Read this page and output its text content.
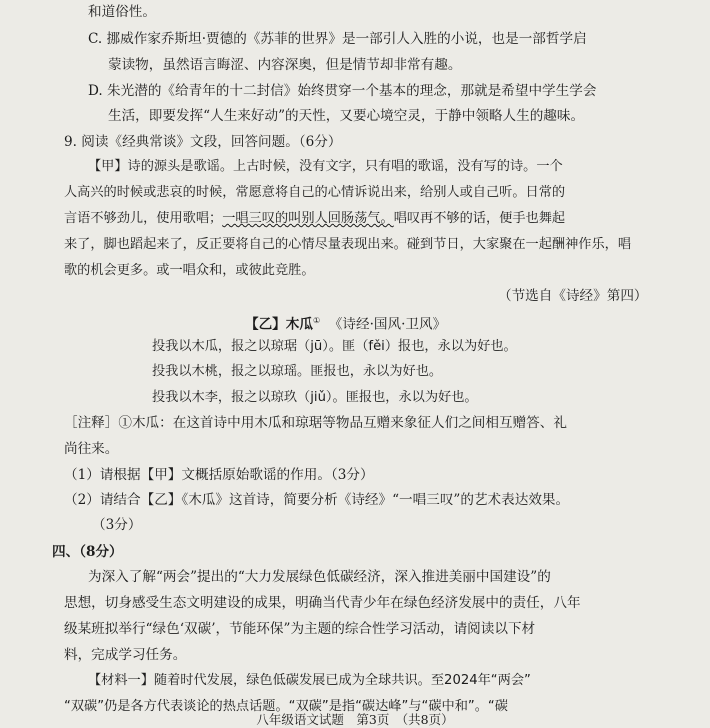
和道俗性。
C. 挪威作家乔斯坦·贾德的《苏菲的世界》是一部引人入胜的小说，也是一部哲学启
蒙读物，虽然语言晦涩、内容深奥，但是情节却非常有趣。
D. 朱光潜的《给青年的十二封信》始终贯穿一个基本的理念，那就是希望中学生学会
生活，即要发挥“人生来好动”的天性，又要心境空灵，于静中领略人生的趣味。
9. 阅读《经典常谈》文段，回答问题。（6分）
【甲】诗的源头是歌谣。上古时候，没有文字，只有唱的歌谣，没有写的诗。一个
人高兴的时候或悲哀的时候，常愿意将自己的心情诉说出来，给别人或自己听。日常的
言语不够劲儿，使用歌唱；一唱三叹的叫别人回肠荡气。唱叹再不够的话，便手也舞起
来了，脚也蹈起来了，反正要将自己的心情尽量表现出来。碰到节日，大家聚在一起酬神作乐，唱
歌的机会更多。或一唱众和，或彼此竞胜。
（节选自《诗经》第四）
【乙】木瓜① 《诗经·国风·卫风》
投我以木瓜，报之以琼琚（jū）。匪（fěi）报也，永以为好也。
投我以木桃，报之以琼瑶。匪报也，永以为好也。
投我以木李，报之以琼玖（jiǔ）。匪报也，永以为好也。
［注释］①木瓜：在这首诗中用木瓜和琼琚等物品互赠来象征人们之间相互赠答、礼
尚往来。
（1）请根据【甲】文概括原始歌谣的作用。（3分）
（2）请结合【乙】《木瓜》这首诗，简要分析《诗经》“一唱三叹”的艺术表达效果。
（3分）
四、（8分）
为深入了解“两会”提出的“大力发展绿色低碳经济，深入推进美丽中国建设”的
思想，切身感受生态文明建设的成果，明确当代青少年在绿色经济发展中的责任，八年
级某班拟举行“绿色‘双碳’，节能环保”为主题的综合性学习活动，请阅读以下材
料，完成学习任务。
【材料一】随着时代发展，绿色低碳发展已成为全球共识。至2024年“两会”
“双碳”仍是各方代表谈论的热点话题。“双碳”是指“碳达峰”与“碳中和”。“碳
八年级语文试题　第3页　（共8页）
